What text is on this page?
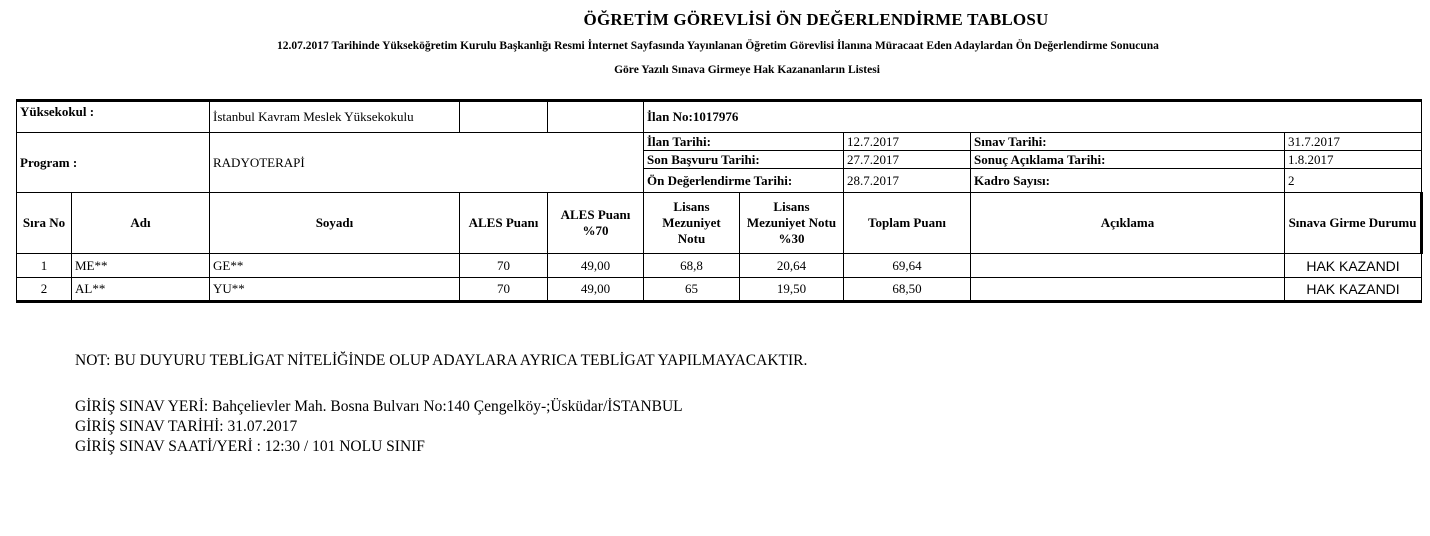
ÖĞRETİM GÖREVLİSİ ÖN DEĞERLENDİRME TABLOSU
12.07.2017 Tarihinde Yükseköğretim Kurulu Başkanlığı Resmi İnternet Sayfasında Yayınlanan Öğretim Görevlisi İlanına Müracaat Eden Adaylardan Ön Değerlendirme Sonucuna
Göre Yazılı Sınava Girmeye Hak Kazananların Listesi
Yüksekokul :		İstanbul Kavram Meslek Yüksekokulu			İlan No:1017976				
Program :		RADYOTERAPİ			İlan Tarihi:		12.7.2017	Sınav Tarihi:	31.7.2017
					Son Başvuru Tarihi:		27.7.2017	Sonuç Açıklama Tarihi:	1.8.2017
					Ön Değerlendirme Tarihi:		28.7.2017	Kadro Sayısı:	2
Sıra No	Adı	Soyadı	ALES Puanı	ALES Puanı %70	Lisans Mezuniyet Notu	Lisans Mezuniyet Notu %30	Toplam Puanı	Açıklama	Sınava Girme Durumu
1	ME**	GE**	70	49,00	68,8	20,64	69,64		HAK KAZANDI
2	AL**	YU**	70	49,00	65	19,50	68,50		HAK KAZANDI
NOT: BU DUYURU TEBLİGAT NİTELİĞİNDE OLUP ADAYLARA AYRICA TEBLİGAT YAPILMAYACAKTIR.
GİRİŞ SINAV YERİ: Bahçelievler Mah. Bosna Bulvarı No:140 Çengelköy-;Üsküdar/İSTANBUL
GİRİŞ SINAV TARİHİ: 31.07.2017
GİRİŞ SINAV SAATİ/YERİ : 12:30 / 101 NOLU SINIF
